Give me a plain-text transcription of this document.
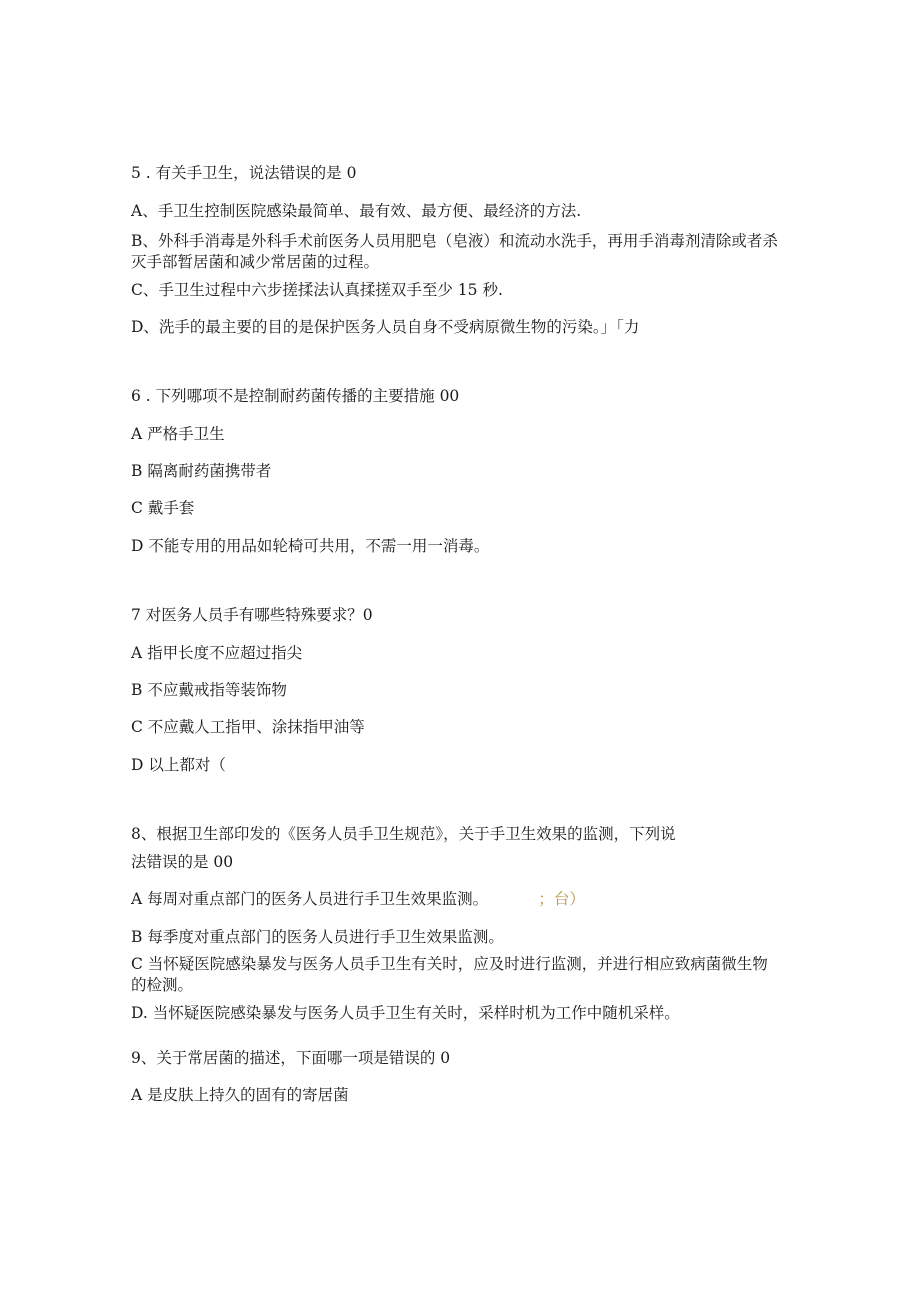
5 . 有关手卫生，说法错误的是 0
A、手卫生控制医院感染最简单、最有效、最方便、最经济的方法.
B、外科手消毒是外科手术前医务人员用肥皂（皂液）和流动水洗手，再用手消毒剂清除或者杀灭手部暂居菌和减少常居菌的过程。
C、手卫生过程中六步搓揉法认真揉搓双手至少 15 秒.
D、洗手的最主要的目的是保护医务人员自身不受病原微生物的污染。」「力
6 . 下列哪项不是控制耐药菌传播的主要措施 00
A 严格手卫生
B 隔离耐药菌携带者
C 戴手套
D 不能专用的用品如轮椅可共用，不需一用一消毒。
7 对医务人员手有哪些特殊要求？0
A 指甲长度不应超过指尖
B 不应戴戒指等装饰物
C 不应戴人工指甲、涂抹指甲油等
D 以上都对（
8、根据卫生部印发的《医务人员手卫生规范》，关于手卫生效果的监测，下列说
法错误的是 00
A 每周对重点部门的医务人员进行手卫生效果监测。	；台）
B 每季度对重点部门的医务人员进行手卫生效果监测。
C 当怀疑医院感染暴发与医务人员手卫生有关时，应及时进行监测，并进行相应致病菌微生物的检测。
D. 当怀疑医院感染暴发与医务人员手卫生有关时，采样时机为工作中随机采样。
9、关于常居菌的描述，下面哪一项是错误的 0
A 是皮肤上持久的固有的寄居菌
